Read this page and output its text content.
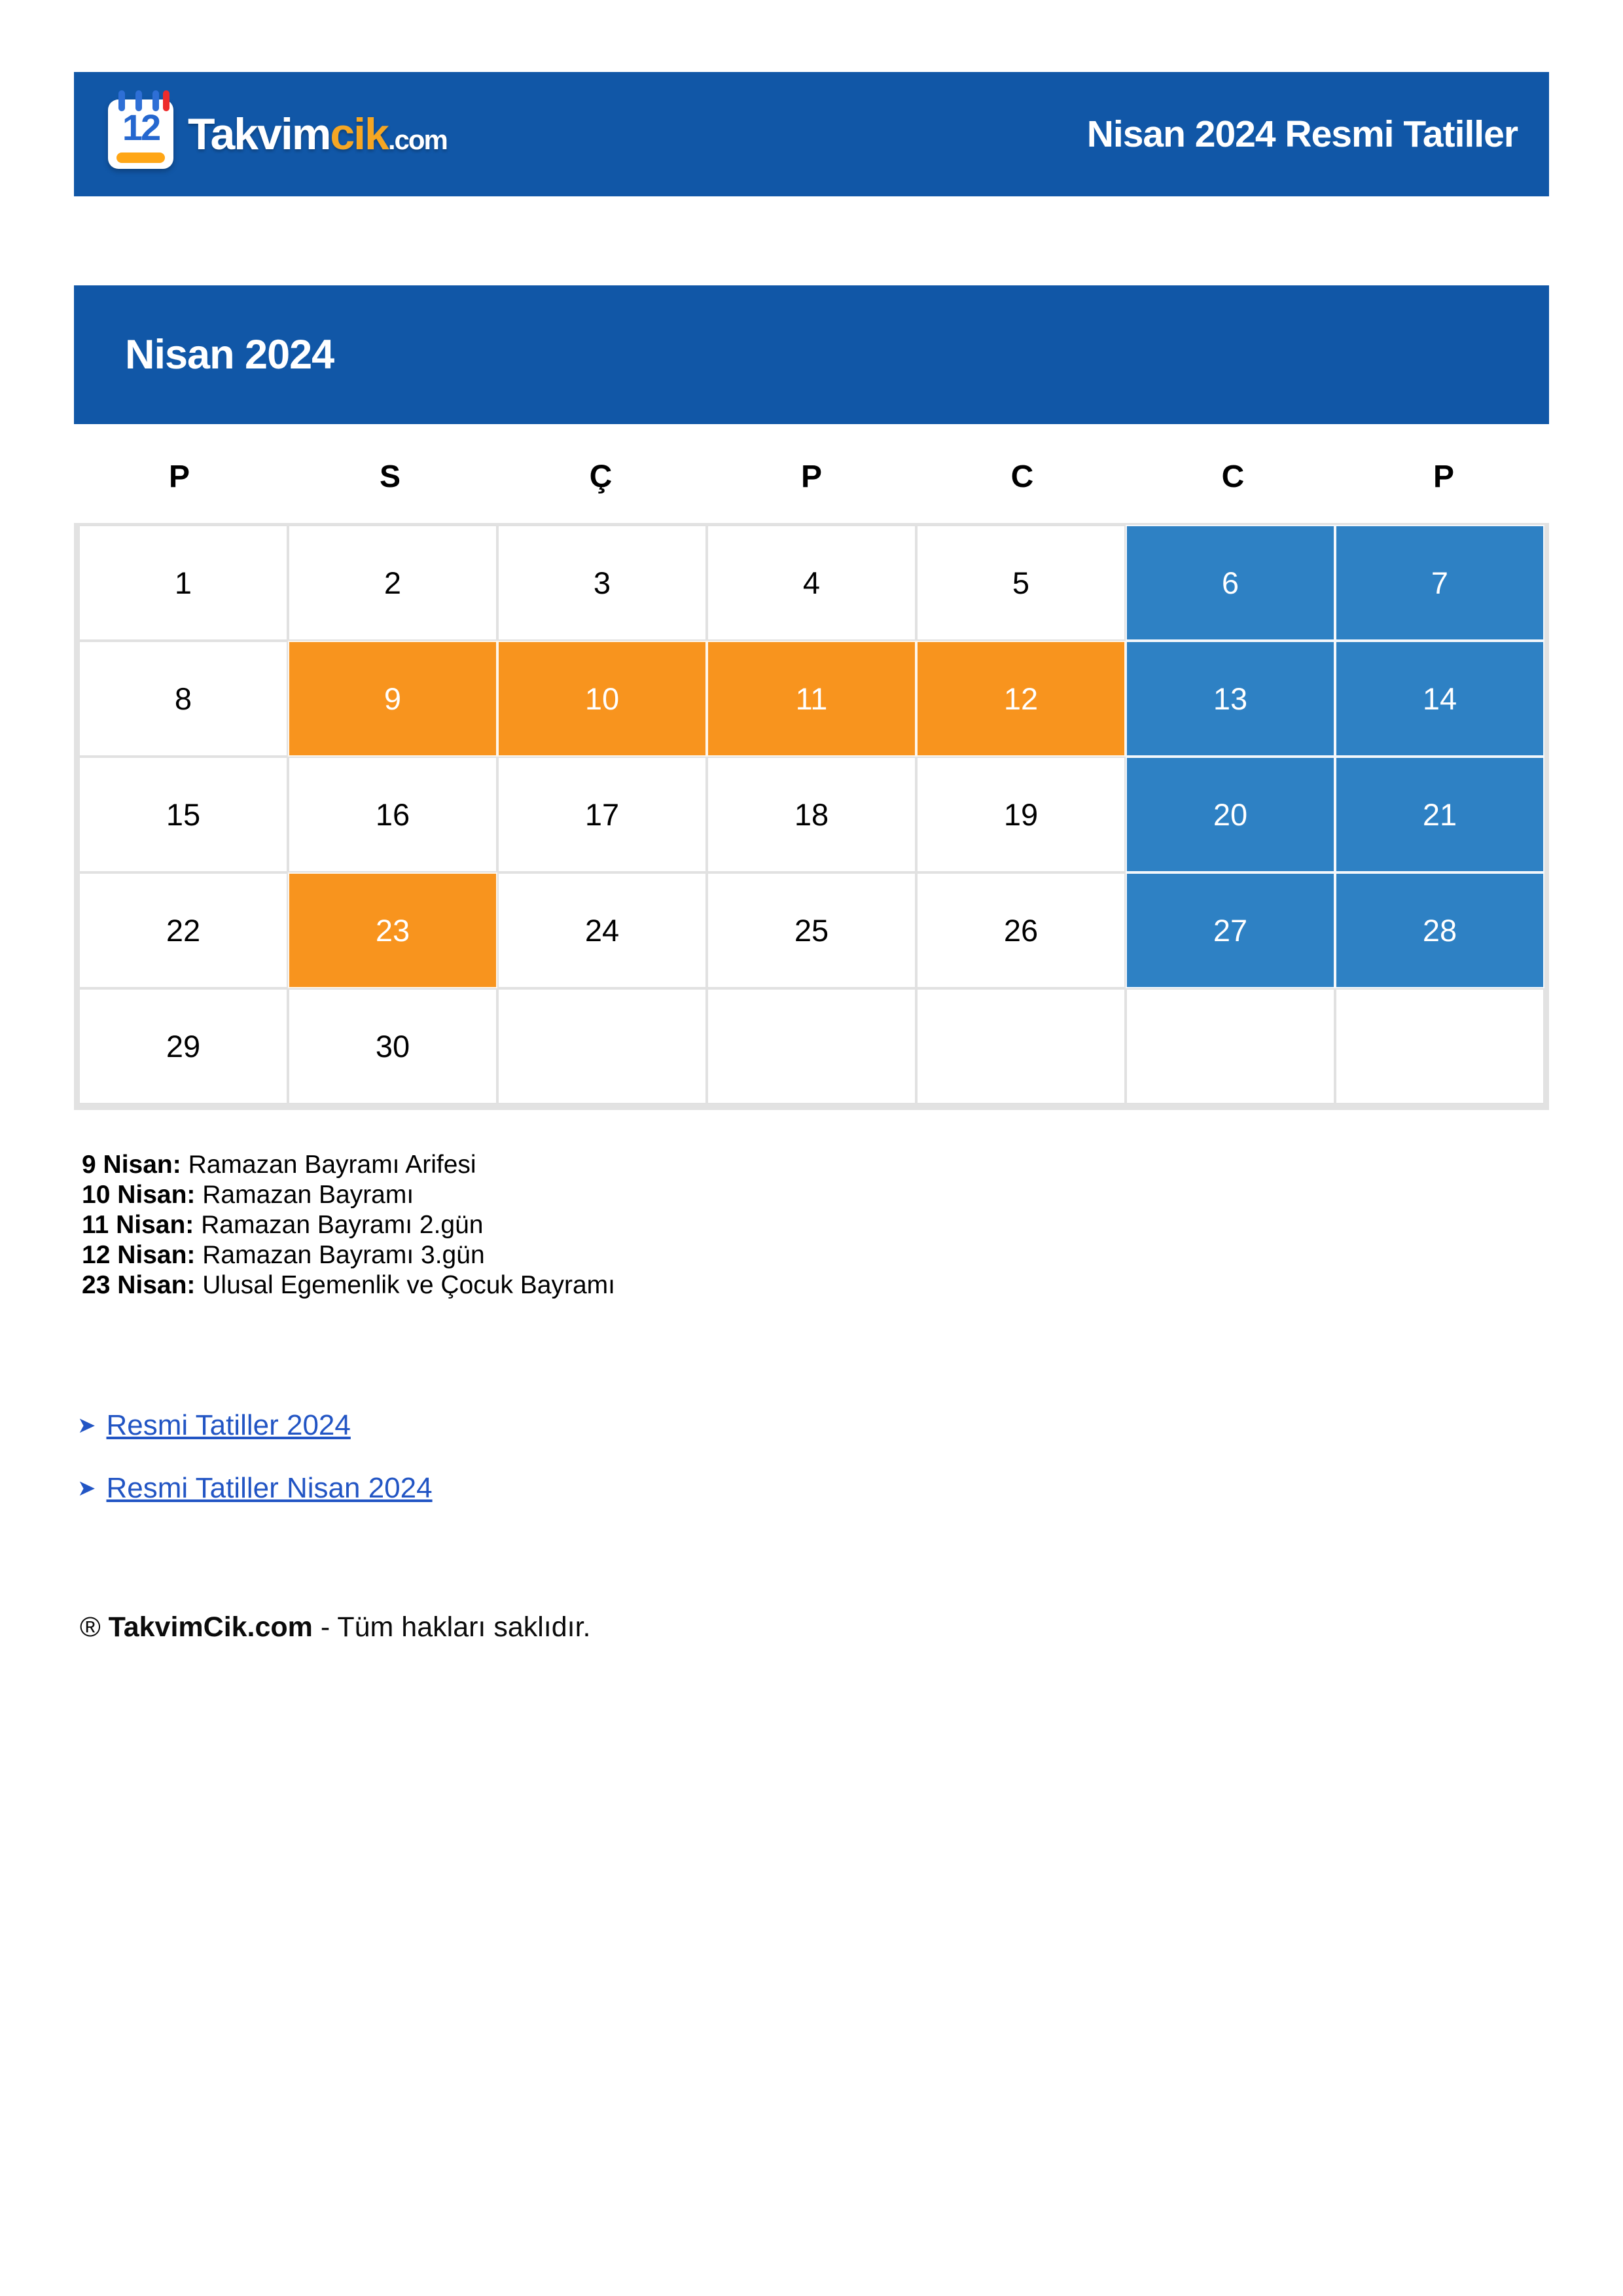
12 Takvimcik.com	Nisan 2024 Resmi Tatiller
Nisan 2024
P	S	Ç	P	C	C	P
1	2	3	4	5	6	7
8	9	10	11	12	13	14
15	16	17	18	19	20	21
22	23	24	25	26	27	28
29	30
9 Nisan: Ramazan Bayramı Arifesi
10 Nisan: Ramazan Bayramı
11 Nisan: Ramazan Bayramı 2.gün
12 Nisan: Ramazan Bayramı 3.gün
23 Nisan: Ulusal Egemenlik ve Çocuk Bayramı
➤ Resmi Tatiller 2024
➤ Resmi Tatiller Nisan 2024
® TakvimCik.com - Tüm hakları saklıdır.
